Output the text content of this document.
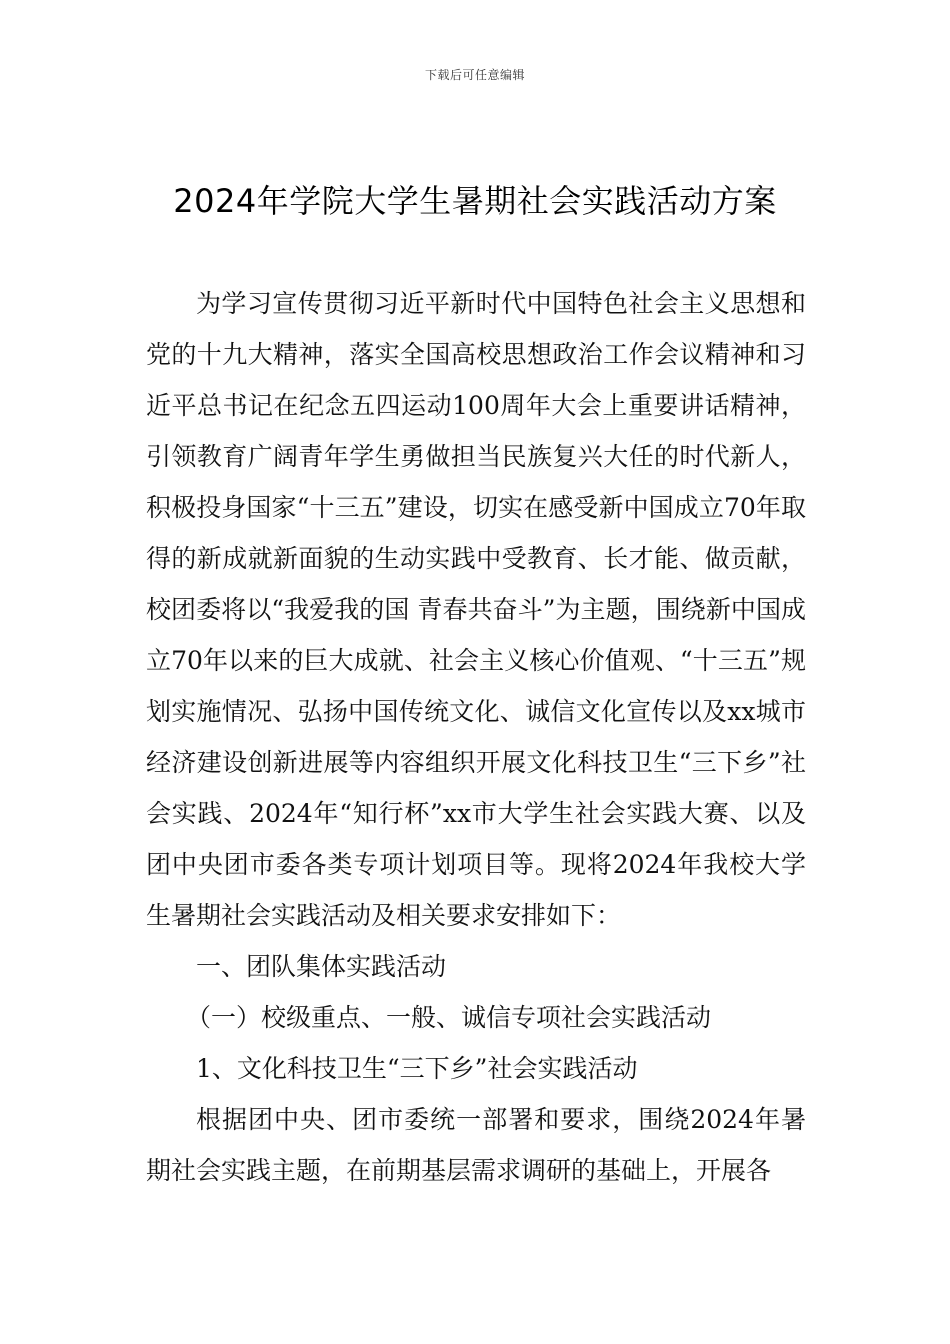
下载后可任意编辑
2024年学院大学生暑期社会实践活动方案

为学习宣传贯彻习近平新时代中国特色社会主义思想和党的十九大精神，落实全国高校思想政治工作会议精神和习近平总书记在纪念五四运动100周年大会上重要讲话精神，引领教育广阔青年学生勇做担当民族复兴大任的时代新人，积极投身国家“十三五”建设，切实在感受新中国成立70年取得的新成就新面貌的生动实践中受教育、长才能、做贡献，校团委将以“我爱我的国 青春共奋斗”为主题，围绕新中国成立70年以来的巨大成就、社会主义核心价值观、“十三五”规划实施情况、弘扬中国传统文化、诚信文化宣传以及xx城市经济建设创新进展等内容组织开展文化科技卫生“三下乡”社会实践、2024年“知行杯”xx市大学生社会实践大赛、以及团中央团市委各类专项计划项目等。现将2024年我校大学生暑期社会实践活动及相关要求安排如下：

一、团队集体实践活动

（一）校级重点、一般、诚信专项社会实践活动

1、文化科技卫生“三下乡”社会实践活动

根据团中央、团市委统一部署和要求，围绕2024年暑期社会实践主题，在前期基层需求调研的基础上，开展各
